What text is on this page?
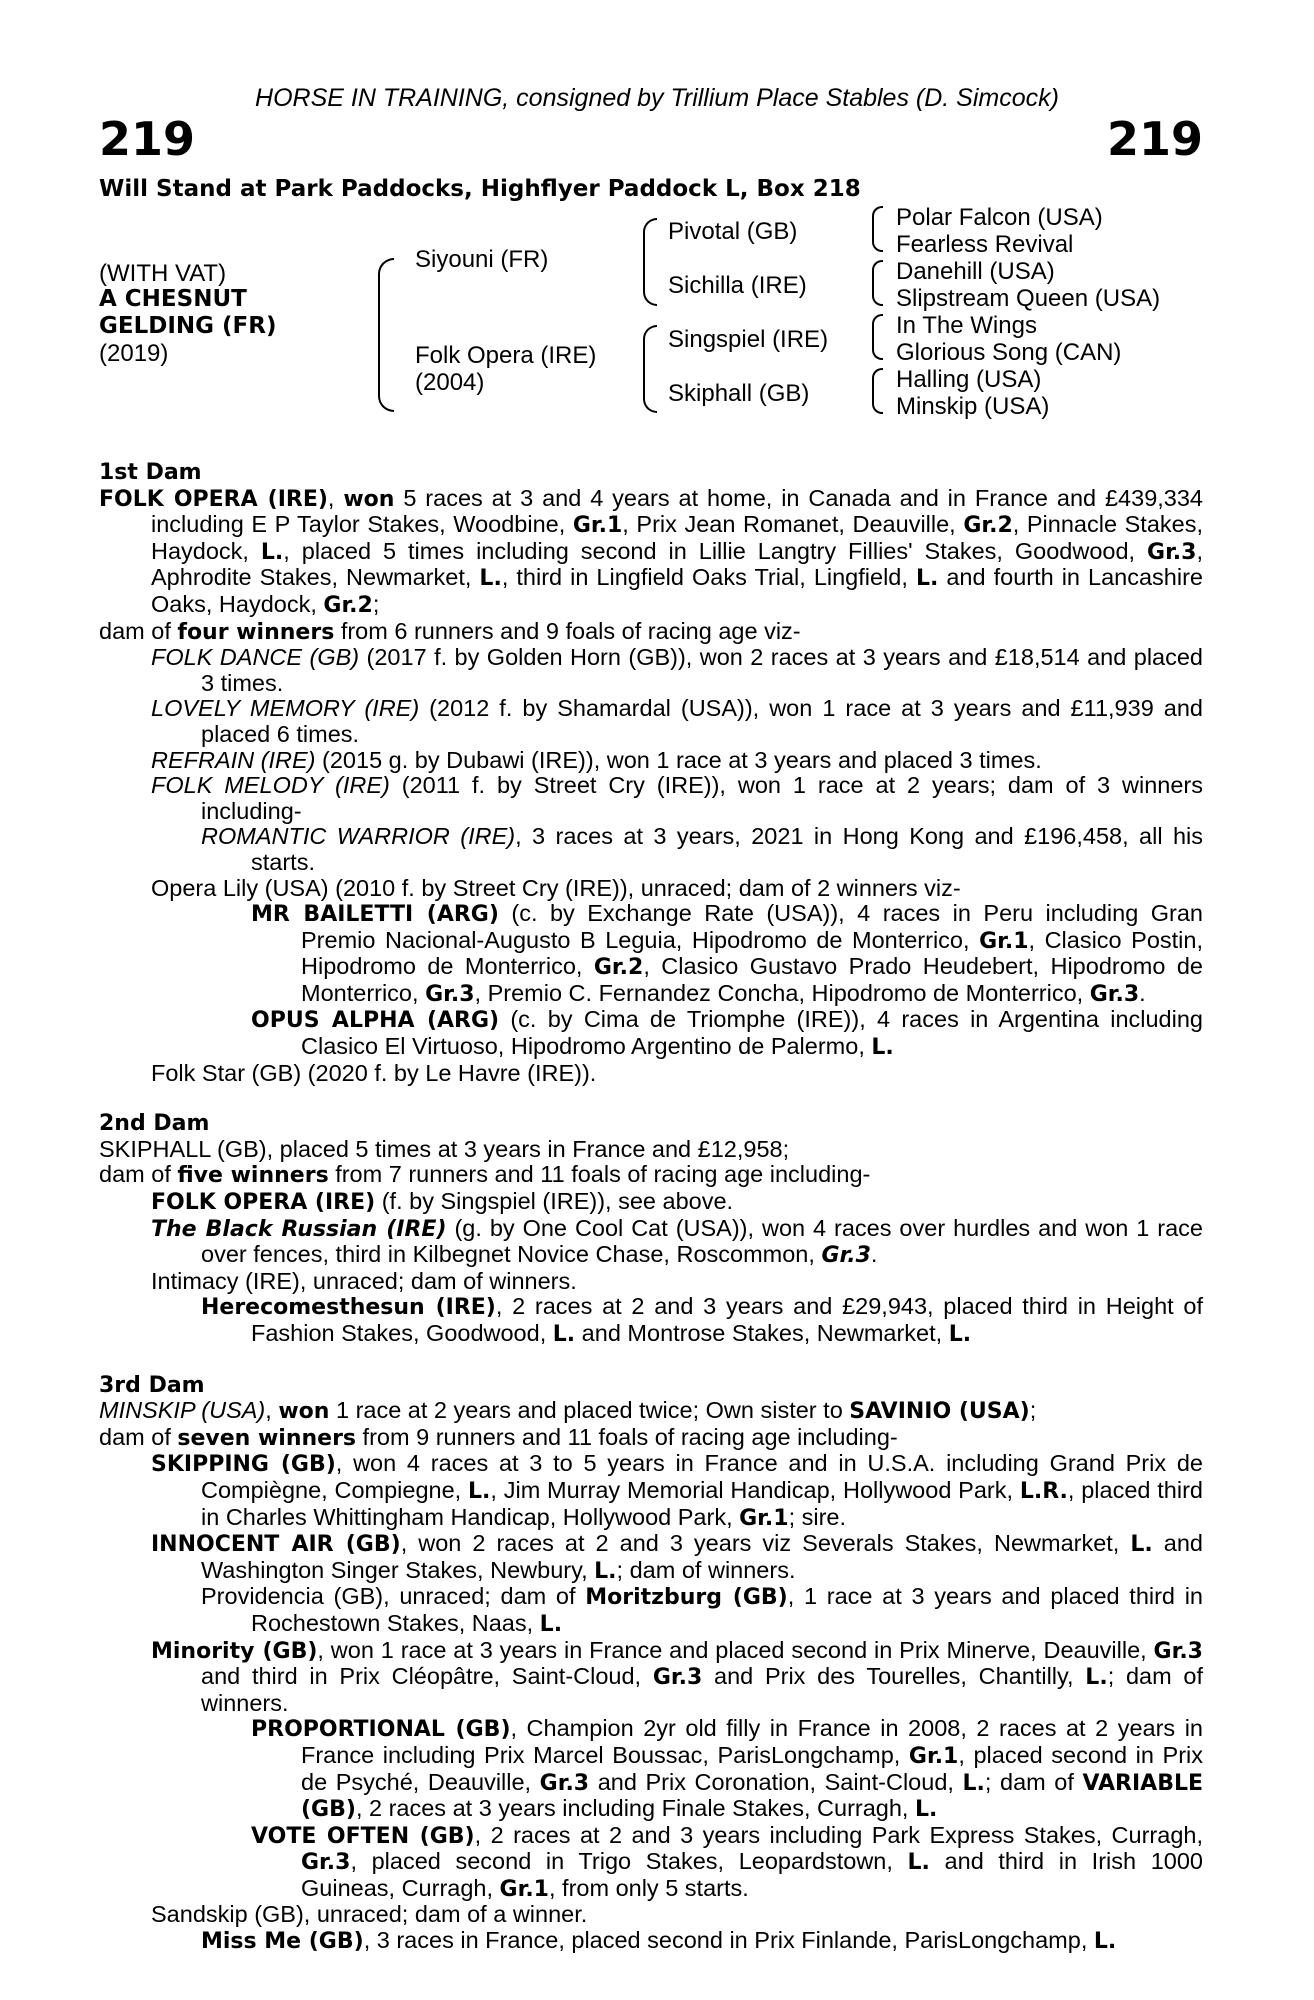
HORSE IN TRAINING, consigned by Trillium Place Stables (D. Simcock)
219	219
Will Stand at Park Paddocks, Highflyer Paddock L, Box 218
(WITH VAT)
A CHESNUT
GELDING (FR)
(2019)
Siyouni (FR)
Folk Opera (IRE)
(2004)
Pivotal (GB)
Sichilla (IRE)
Singspiel (IRE)
Skiphall (GB)
Polar Falcon (USA)
Fearless Revival
Danehill (USA)
Slipstream Queen (USA)
In The Wings
Glorious Song (CAN)
Halling (USA)
Minskip (USA)

1st Dam

FOLK OPERA (IRE), won 5 races at 3 and 4 years at home, in Canada and in France and £439,334 including E P Taylor Stakes, Woodbine, Gr.1, Prix Jean Romanet, Deauville, Gr.2, Pinnacle Stakes, Haydock, L., placed 5 times including second in Lillie Langtry Fillies' Stakes, Goodwood, Gr.3, Aphrodite Stakes, Newmarket, L., third in Lingfield Oaks Trial, Lingfield, L. and fourth in Lancashire Oaks, Haydock, Gr.2;

dam of four winners from 6 runners and 9 foals of racing age viz-

FOLK DANCE (GB) (2017 f. by Golden Horn (GB)), won 2 races at 3 years and £18,514 and placed 3 times.

LOVELY MEMORY (IRE) (2012 f. by Shamardal (USA)), won 1 race at 3 years and £11,939 and placed 6 times.

REFRAIN (IRE) (2015 g. by Dubawi (IRE)), won 1 race at 3 years and placed 3 times.

FOLK MELODY (IRE) (2011 f. by Street Cry (IRE)), won 1 race at 2 years; dam of 3 winners including-

ROMANTIC WARRIOR (IRE), 3 races at 3 years, 2021 in Hong Kong and £196,458, all his starts.

Opera Lily (USA) (2010 f. by Street Cry (IRE)), unraced; dam of 2 winners viz-

MR BAILETTI (ARG) (c. by Exchange Rate (USA)), 4 races in Peru including Gran Premio Nacional-Augusto B Leguia, Hipodromo de Monterrico, Gr.1, Clasico Postin, Hipodromo de Monterrico, Gr.2, Clasico Gustavo Prado Heudebert, Hipodromo de Monterrico, Gr.3, Premio C. Fernandez Concha, Hipodromo de Monterrico, Gr.3.

OPUS ALPHA (ARG) (c. by Cima de Triomphe (IRE)), 4 races in Argentina including Clasico El Virtuoso, Hipodromo Argentino de Palermo, L.

Folk Star (GB) (2020 f. by Le Havre (IRE)).

2nd Dam

SKIPHALL (GB), placed 5 times at 3 years in France and £12,958;

dam of five winners from 7 runners and 11 foals of racing age including-

FOLK OPERA (IRE) (f. by Singspiel (IRE)), see above.

The Black Russian (IRE) (g. by One Cool Cat (USA)), won 4 races over hurdles and won 1 race over fences, third in Kilbegnet Novice Chase, Roscommon, Gr.3.

Intimacy (IRE), unraced; dam of winners.

Herecomesthesun (IRE), 2 races at 2 and 3 years and £29,943, placed third in Height of Fashion Stakes, Goodwood, L. and Montrose Stakes, Newmarket, L.

3rd Dam

MINSKIP (USA), won 1 race at 2 years and placed twice; Own sister to SAVINIO (USA);

dam of seven winners from 9 runners and 11 foals of racing age including-

SKIPPING (GB), won 4 races at 3 to 5 years in France and in U.S.A. including Grand Prix de Compiègne, Compiegne, L., Jim Murray Memorial Handicap, Hollywood Park, L.R., placed third in Charles Whittingham Handicap, Hollywood Park, Gr.1; sire.

INNOCENT AIR (GB), won 2 races at 2 and 3 years viz Severals Stakes, Newmarket, L. and Washington Singer Stakes, Newbury, L.; dam of winners.

Providencia (GB), unraced; dam of Moritzburg (GB), 1 race at 3 years and placed third in Rochestown Stakes, Naas, L.

Minority (GB), won 1 race at 3 years in France and placed second in Prix Minerve, Deauville, Gr.3 and third in Prix Cléopâtre, Saint-Cloud, Gr.3 and Prix des Tourelles, Chantilly, L.; dam of winners.

PROPORTIONAL (GB), Champion 2yr old filly in France in 2008, 2 races at 2 years in France including Prix Marcel Boussac, ParisLongchamp, Gr.1, placed second in Prix de Psyché, Deauville, Gr.3 and Prix Coronation, Saint-Cloud, L.; dam of VARIABLE (GB), 2 races at 3 years including Finale Stakes, Curragh, L.

VOTE OFTEN (GB), 2 races at 2 and 3 years including Park Express Stakes, Curragh, Gr.3, placed second in Trigo Stakes, Leopardstown, L. and third in Irish 1000 Guineas, Curragh, Gr.1, from only 5 starts.

Sandskip (GB), unraced; dam of a winner.

Miss Me (GB), 3 races in France, placed second in Prix Finlande, ParisLongchamp, L.
